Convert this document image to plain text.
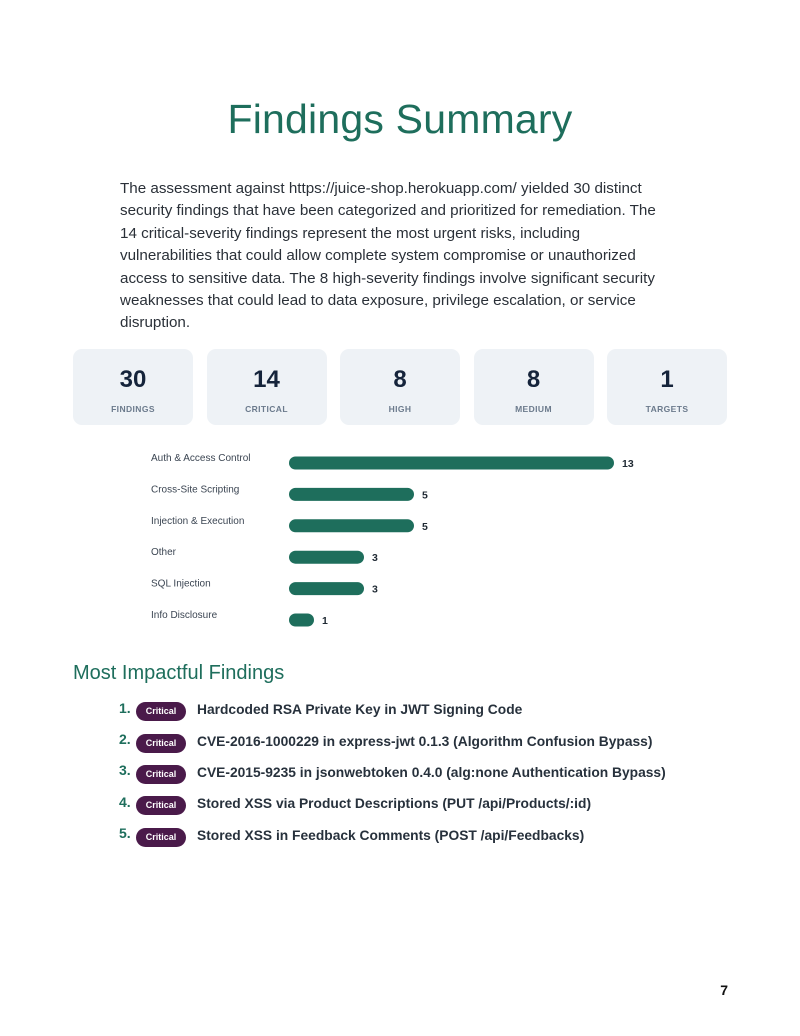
Findings Summary

The assessment against https://juice-shop.herokuapp.com/ yielded 30 distinct security findings that have been categorized and prioritized for remediation. The 14 critical-severity findings represent the most urgent risks, including vulnerabilities that could allow complete system compromise or unauthorized access to sensitive data. The 8 high-severity findings involve significant security weaknesses that could lead to data exposure, privilege escalation, or service disruption.

30
FINDINGS
14
CRITICAL
8
HIGH
8
MEDIUM
1
TARGETS
Auth & Access Control	13
Cross-Site Scripting	5
Injection & Execution	5
Other	3
SQL Injection	3
Info Disclosure	1
Most Impactful Findings
1.	Critical	Hardcoded RSA Private Key in JWT Signing Code
2.	Critical	CVE-2016-1000229 in express-jwt 0.1.3 (Algorithm Confusion Bypass)
3.	Critical	CVE-2015-9235 in jsonwebtoken 0.4.0 (alg:none Authentication Bypass)
4.	Critical	Stored XSS via Product Descriptions (PUT /api/Products/:id)
5.	Critical	Stored XSS in Feedback Comments (POST /api/Feedbacks)
7
